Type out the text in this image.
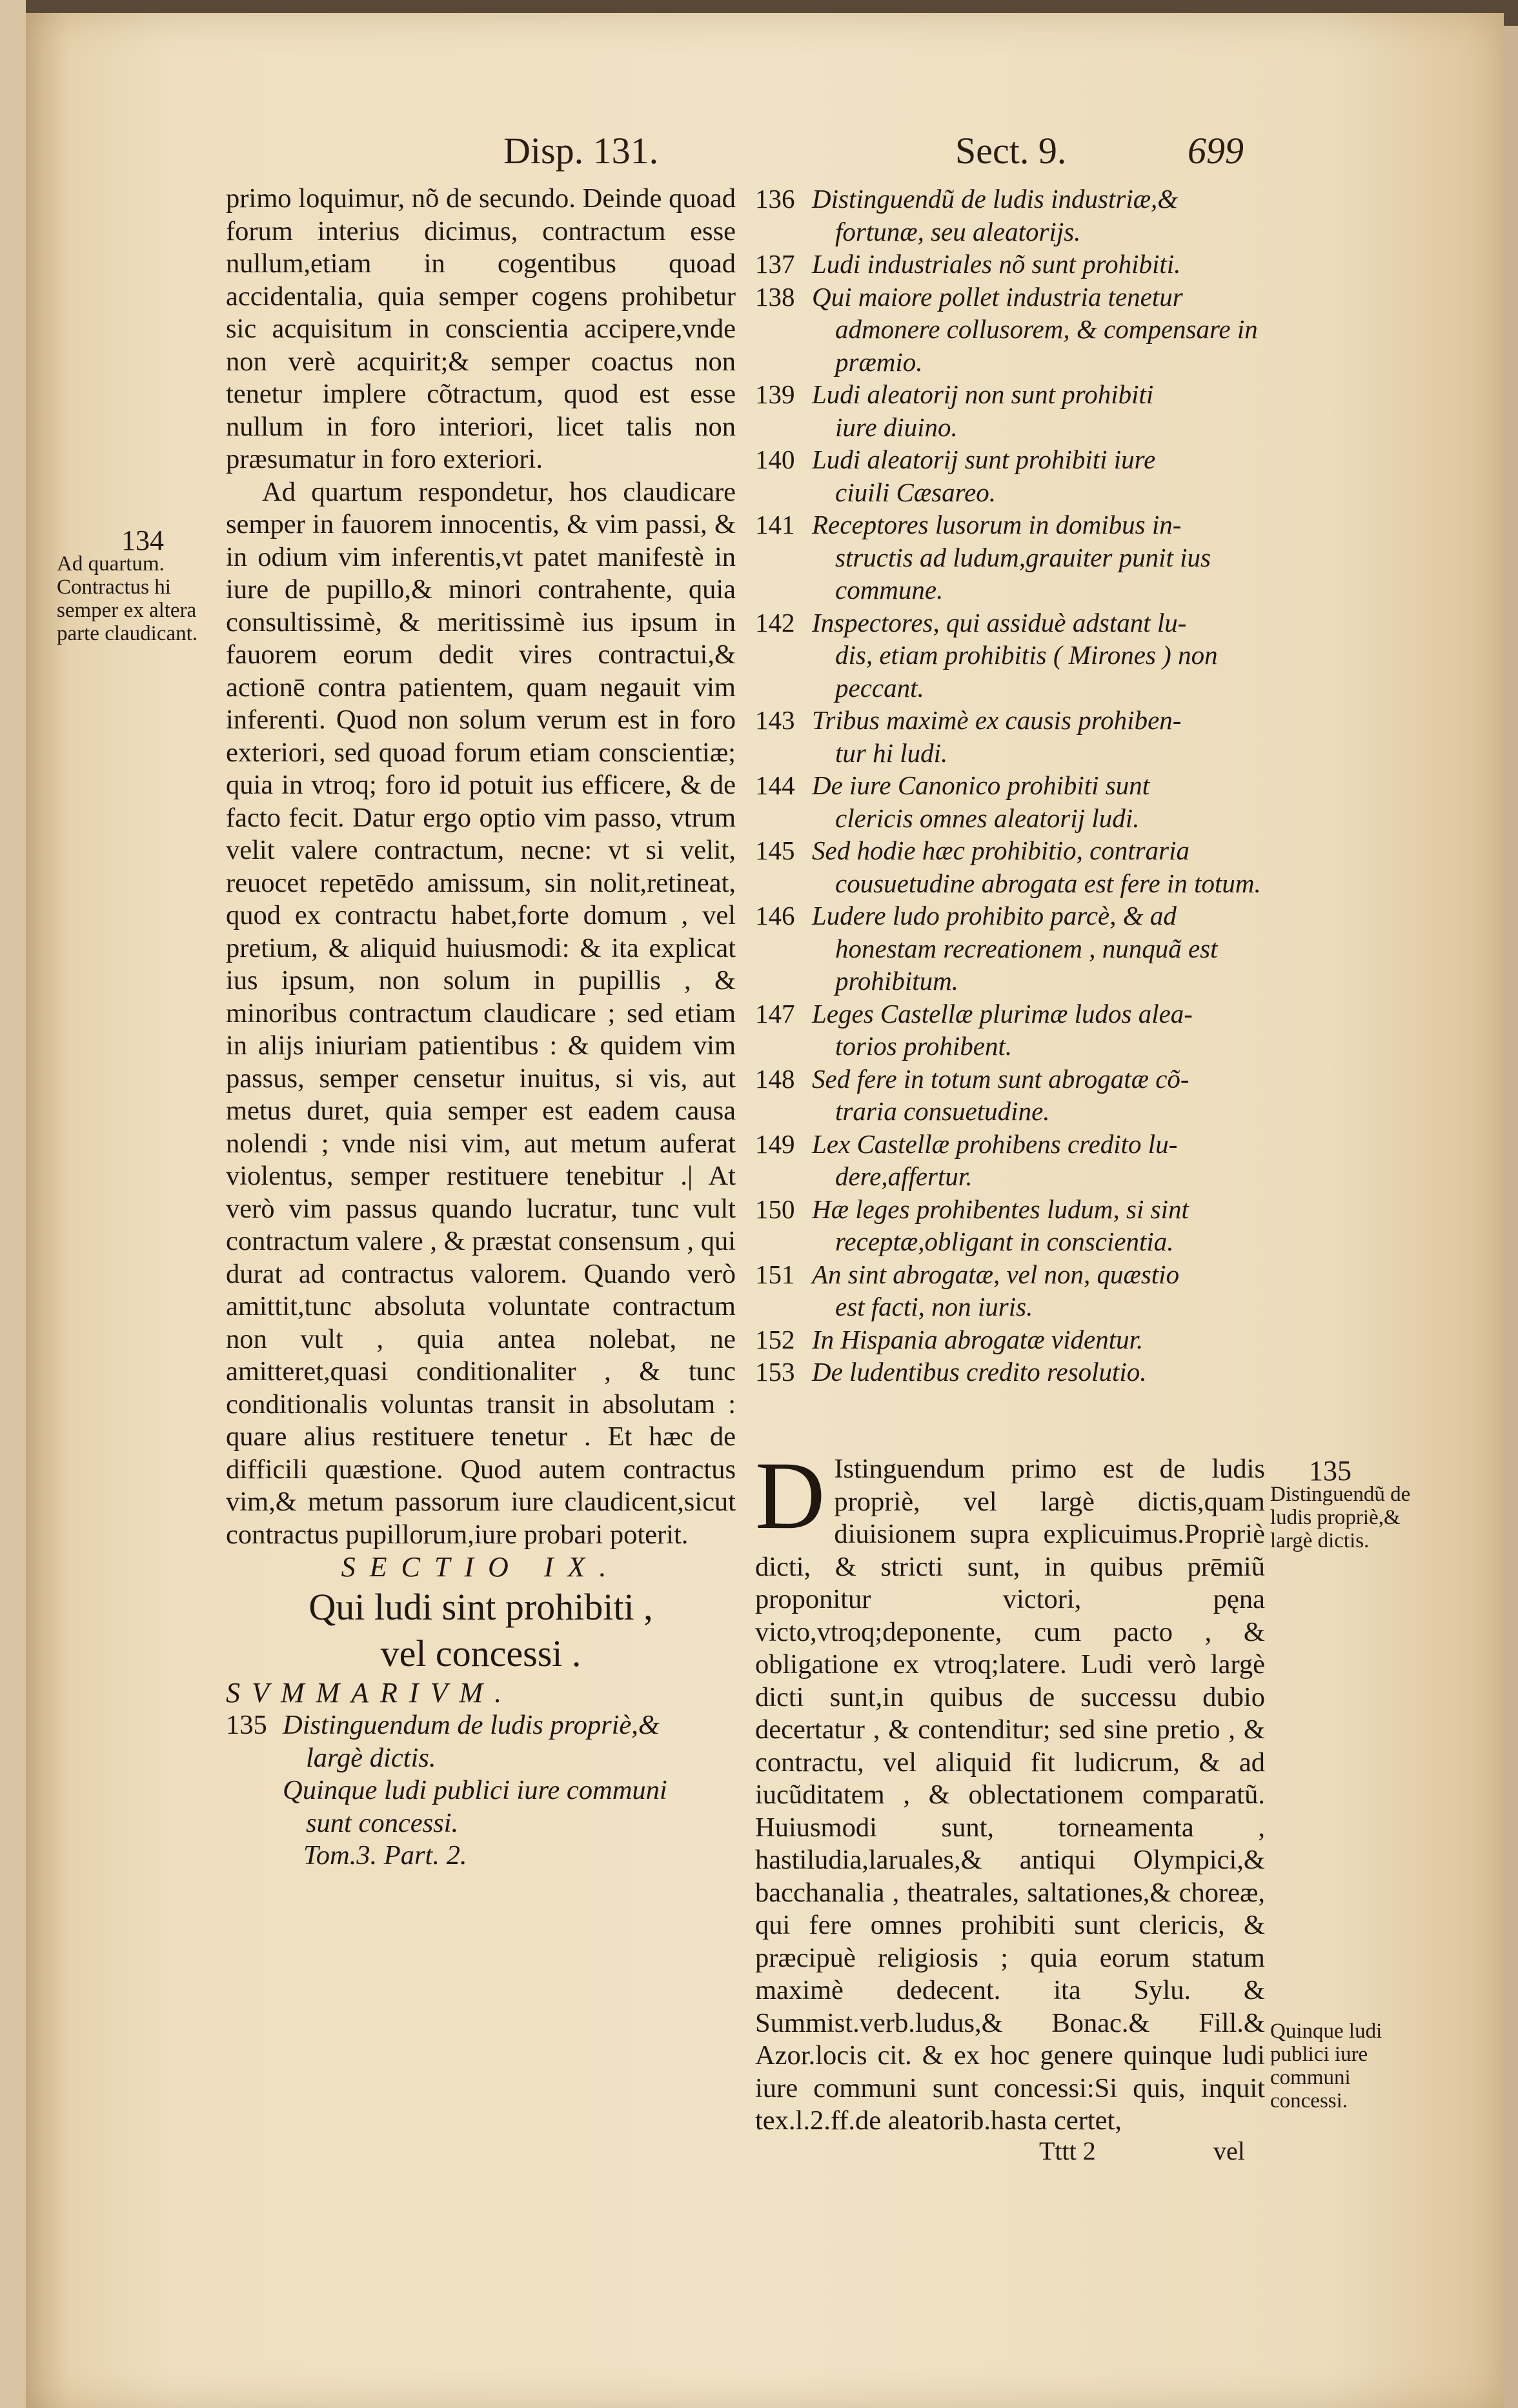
Disp. 131.	Sect. 9.	699
134
Ad quartum. Contractus hi semper ex altera parte claudicant.

primo loquimur, nõ de secundo. Deinde quoad forum interius dicimus, contractum esse nullum,etiam in cogentibus quoad accidentalia, quia semper cogens prohibetur sic acquisitum in conscientia accipere,vnde non verè acquirit;& semper coactus non tenetur implere cõtractum, quod est esse nullum in foro interiori, licet talis non præsumatur in foro exteriori.

Ad quartum respondetur, hos claudicare semper in fauorem innocentis, & vim passi, & in odium vim inferentis,vt patet manifestè in iure de pupillo,& minori contrahente, quia consultissimè, & meritissimè ius ipsum in fauorem eorum dedit vires contractui,& actionē contra patientem, quam negauit vim inferenti. Quod non solum verum est in foro exteriori, sed quoad forum etiam conscientiæ; quia in vtroq; foro id potuit ius efficere, & de facto fecit. Datur ergo optio vim passo, vtrum velit valere contractum, necne: vt si velit, reuocet repetēdo amissum, sin nolit,retineat, quod ex contractu habet,forte domum , vel pretium, & aliquid huiusmodi: & ita explicat ius ipsum, non solum in pupillis , & minoribus contractum claudicare ; sed etiam in alijs iniuriam patientibus : & quidem vim passus, semper censetur inuitus, si vis, aut metus duret, quia semper est eadem causa nolendi ; vnde nisi vim, aut metum auferat violentus, semper restituere tenebitur .| At verò vim passus quando lucratur, tunc vult contractum valere , & præstat consensum , qui durat ad contractus valorem. Quando verò amittit,tunc absoluta voluntate contractum non vult , quia antea nolebat, ne amitteret,quasi conditionaliter , & tunc conditionalis voluntas transit in absolutam : quare alius restituere tenetur . Et hæc de difficili quæstione. Quod autem contractus vim,& metum passorum iure claudicent,sicut contractus pupillorum,iure probari poterit.

SECTIO IX.

Qui ludi sint prohibiti ,

vel concessi .

SVMMARIVM.

135 Distinguendum de ludis propriè,&
largè dictis.
Quinque ludi publici iure communi
sunt concessi.

Tom.3. Part. 2.

136 Distinguendũ de ludis industriæ,&
fortunæ, seu aleatorijs.
137 Ludi industriales nõ sunt prohibiti.
138 Qui maiore pollet industria tenetur
admonere collusorem, & compensare in præmio.
139 Ludi aleatorij non sunt prohibiti
iure diuino.
140 Ludi aleatorij sunt prohibiti iure
ciuili Cæsareo.
141 Receptores lusorum in domibus in-
structis ad ludum,grauiter punit ius commune.
142 Inspectores, qui assiduè adstant lu-
dis, etiam prohibitis ( Mirones ) non peccant.
143 Tribus maximè ex causis prohiben-
tur hi ludi.
144 De iure Canonico prohibiti sunt
clericis omnes aleatorij ludi.
145 Sed hodie hæc prohibitio, contraria
cousuetudine abrogata est fere in totum.
146 Ludere ludo prohibito parcè, & ad
honestam recreationem , nunquã est prohibitum.
147 Leges Castellæ plurimæ ludos alea-
torios prohibent.
148 Sed fere in totum sunt abrogatæ cõ-
traria consuetudine.
149 Lex Castellæ prohibens credito lu-
dere,affertur.
150 Hæ leges prohibentes ludum, si sint
receptæ,obligant in conscientia.
151 An sint abrogatæ, vel non, quæstio
est facti, non iuris.
152 In Hispania abrogatæ videntur.
153 De ludentibus credito resolutio.
D Istinguendum primo est de ludis propriè, vel largè dictis,quam diuisionem supra explicuimus.Propriè dicti, & stricti sunt, in quibus prēmiũ proponitur victori, pęna victo,vtroq;deponente, cum pacto , & obligatione ex vtroq;latere. Ludi verò largè dicti sunt,in quibus de successu dubio decertatur , & contenditur; sed sine pretio , & contractu, vel aliquid fit ludicrum, & ad iucũditatem , & oblectationem comparatũ. Huiusmodi sunt, torneamenta , hastiludia,laruales,& antiqui Olympici,& bacchanalia , theatrales, saltationes,& choreæ, qui fere omnes prohibiti sunt clericis, & præcipuè religiosis ; quia eorum statum maximè dedecent. ita Sylu. & Summist.verb.ludus,& Bonac.& Fill.& Azor.locis cit. & ex hoc genere quinque ludi iure communi sunt concessi:Si quis, inquit tex.l.2.ff.de aleatorib.hasta certet,
135
Distinguendũ de ludis propriè,& largè dictis.
Quinque ludi publici iure communi concessi.
Tttt 2	vel
